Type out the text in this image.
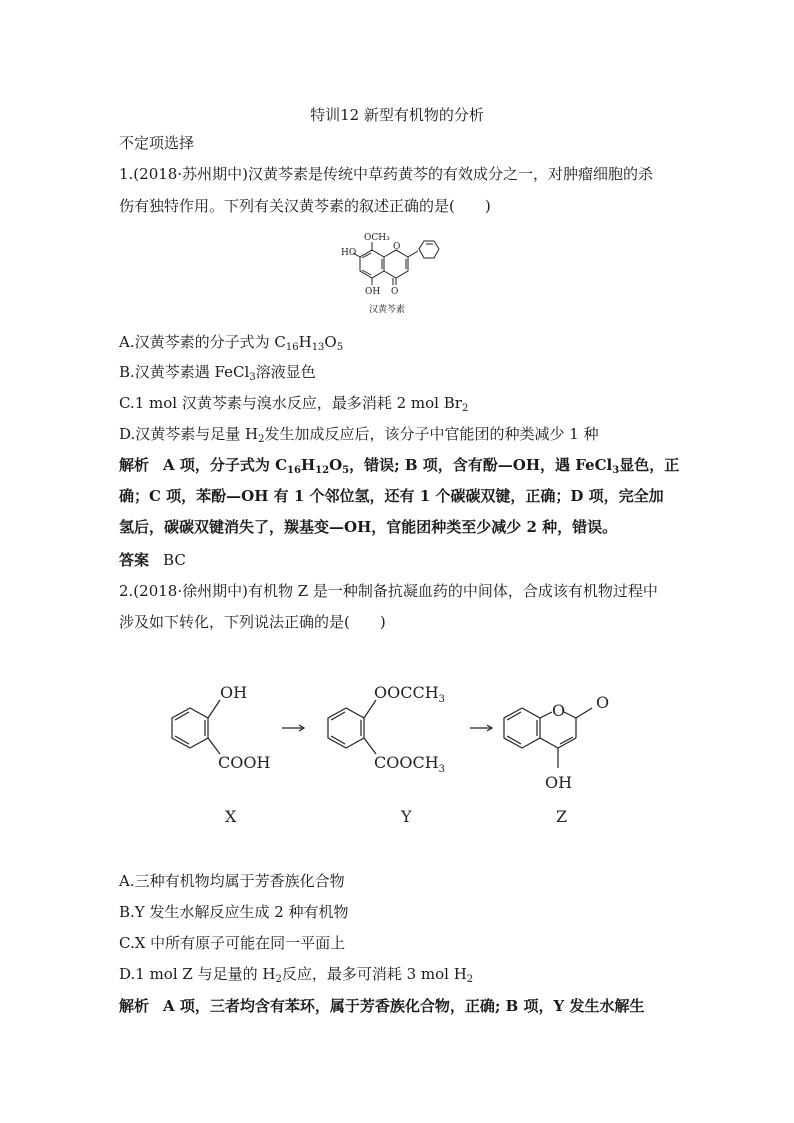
特训12 新型有机物的分析
不定项选择
1.(2018·苏州期中)汉黄芩素是传统中草药黄芩的有效成分之一，对肿瘤细胞的杀
伤有独特作用。下列有关汉黄芩素的叙述正确的是(　　)
OCH₃
HO
OH
O
O
汉黄芩素
A.汉黄芩素的分子式为 $C_{16}H_{13}O_5$
B.汉黄芩素遇 FeCl$_3$溶液显色
C.1 mol 汉黄芩素与溴水反应，最多消耗 2 mol $Br_2$
D.汉黄芩素与足量 $H_2$发生加成反应后，该分子中官能团的种类减少 1 种
解析 A 项，分子式为 $C_{16}H_{12}O_5$，错误; B 项，含有酚—OH，遇 FeCl$_3$显色，正
确；C 项，苯酚—OH 有 1 个邻位氢，还有 1 个碳碳双键，正确；D 项，完全加
氢后，碳碳双键消失了，羰基变—OH，官能团种类至少减少 2 种，错误。
答案 BC
2.(2018·徐州期中)有机物 Z 是一种制备抗凝血药的中间体，合成该有机物过程中
涉及如下转化，下列说法正确的是(　　)
OH
COOH
$OOCCH_3$
$COOCH_3$
O O
OH
X	Y	Z
A.三种有机物均属于芳香族化合物
B.Y 发生水解反应生成 2 种有机物
C.X 中所有原子可能在同一平面上
D.1 mol Z 与足量的 $H_2$反应，最多可消耗 3 mol $H_2$
解析 A 项，三者均含有苯环，属于芳香族化合物，正确; B 项，Y 发生水解生
